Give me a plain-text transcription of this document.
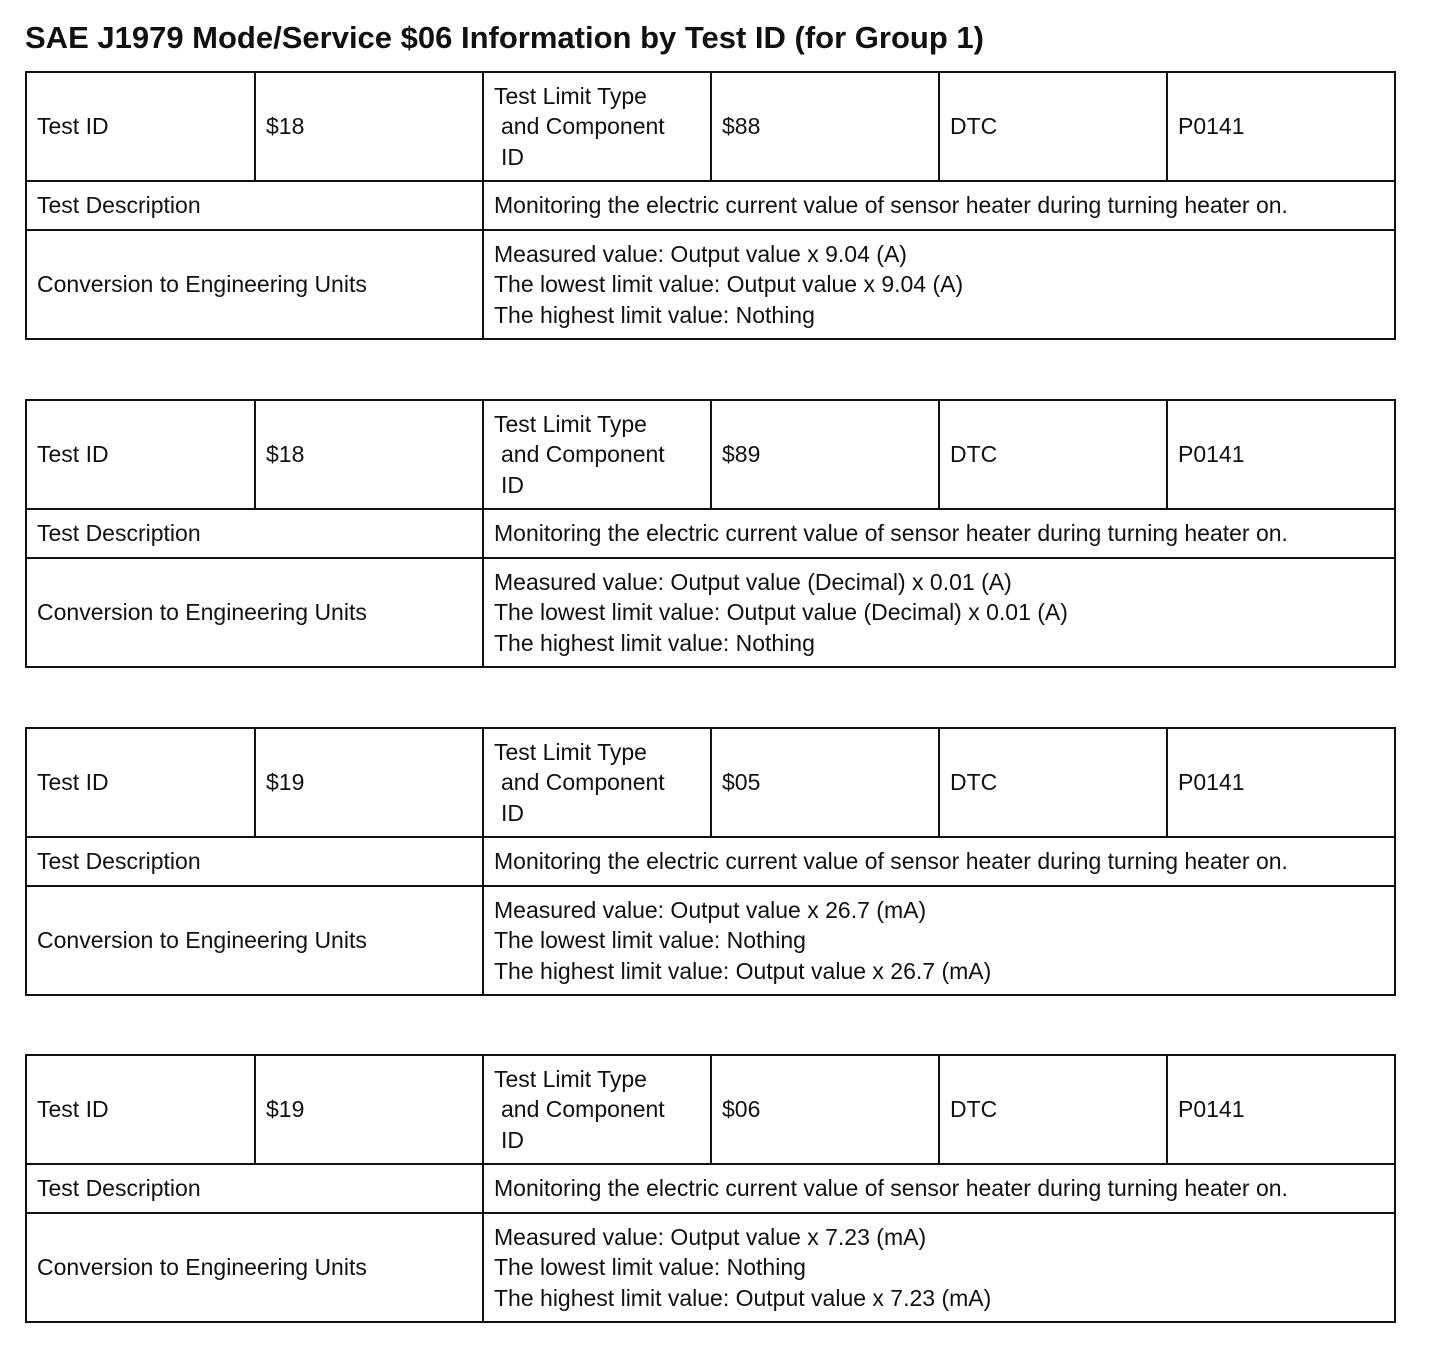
SAE J1979 Mode/Service $06 Information by Test ID (for Group 1)
Test ID	$18	Test Limit Type
and Component
ID	$88	DTC	P0141
Test Description		Monitoring the electric current value of sensor heater during turning heater on.			
Conversion to Engineering Units		Measured value: Output value x 9.04 (A)
The lowest limit value: Output value x 9.04 (A)
The highest limit value: Nothing			
Test ID	$18	Test Limit Type
and Component
ID	$89	DTC	P0141
Test Description		Monitoring the electric current value of sensor heater during turning heater on.			
Conversion to Engineering Units		Measured value: Output value (Decimal) x 0.01 (A)
The lowest limit value: Output value (Decimal) x 0.01 (A)
The highest limit value: Nothing			
Test ID	$19	Test Limit Type
and Component
ID	$05	DTC	P0141
Test Description		Monitoring the electric current value of sensor heater during turning heater on.			
Conversion to Engineering Units		Measured value: Output value x 26.7 (mA)
The lowest limit value: Nothing
The highest limit value: Output value x 26.7 (mA)			
Test ID	$19	Test Limit Type
and Component
ID	$06	DTC	P0141
Test Description		Monitoring the electric current value of sensor heater during turning heater on.			
Conversion to Engineering Units		Measured value: Output value x 7.23 (mA)
The lowest limit value: Nothing
The highest limit value: Output value x 7.23 (mA)			
